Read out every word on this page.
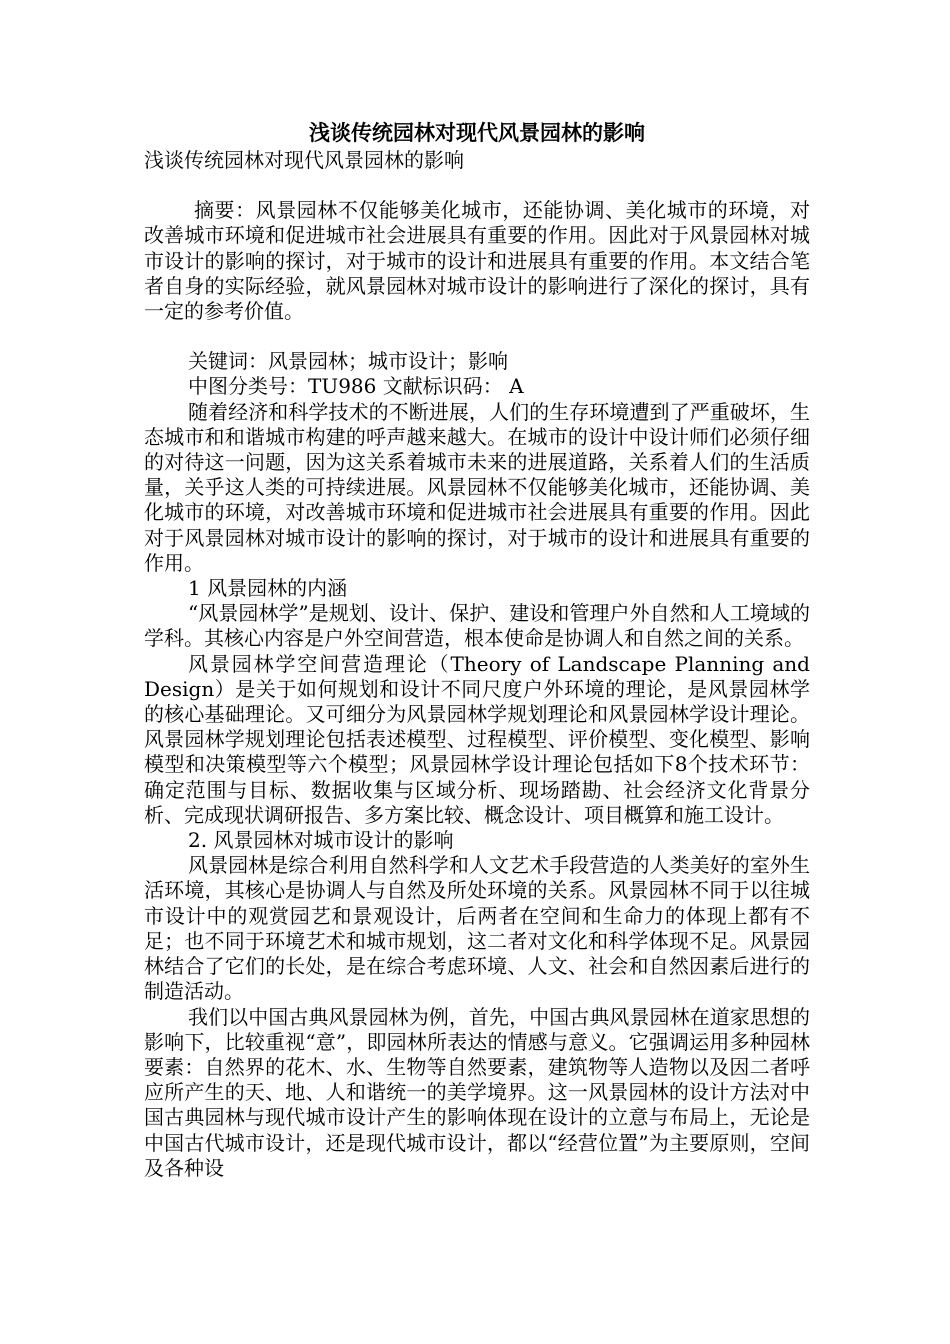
浅谈传统园林对现代风景园林的影响

浅谈传统园林对现代风景园林的影响

摘要：风景园林不仅能够美化城市，还能协调、美化城市的环境，对改善城市环境和促进城市社会进展具有重要的作用。因此对于风景园林对城市设计的影响的探讨，对于城市的设计和进展具有重要的作用。本文结合笔者自身的实际经验，就风景园林对城市设计的影响进行了深化的探讨，具有一定的参考价值。

关键词：风景园林；城市设计；影响

中图分类号：TU986 文献标识码： A

随着经济和科学技术的不断进展，人们的生存环境遭到了严重破坏，生态城市和和谐城市构建的呼声越来越大。在城市的设计中设计师们必须仔细的对待这一问题，因为这关系着城市未来的进展道路，关系着人们的生活质量，关乎这人类的可持续进展。风景园林不仅能够美化城市，还能协调、美化城市的环境，对改善城市环境和促进城市社会进展具有重要的作用。因此对于风景园林对城市设计的影响的探讨，对于城市的设计和进展具有重要的作用。

1 风景园林的内涵

“风景园林学”是规划、设计、保护、建设和管理户外自然和人工境域的学科。其核心内容是户外空间营造，根本使命是协调人和自然之间的关系。

风景园林学空间营造理论（Theory of Landscape Planning and Design）是关于如何规划和设计不同尺度户外环境的理论，是风景园林学的核心基础理论。又可细分为风景园林学规划理论和风景园林学设计理论。风景园林学规划理论包括表述模型、过程模型、评价模型、变化模型、影响模型和决策模型等六个模型；风景园林学设计理论包括如下8个技术环节：确定范围与目标、数据收集与区域分析、现场踏勘、社会经济文化背景分析、完成现状调研报告、多方案比较、概念设计、项目概算和施工设计。

2. 风景园林对城市设计的影响

风景园林是综合利用自然科学和人文艺术手段营造的人类美好的室外生活环境，其核心是协调人与自然及所处环境的关系。风景园林不同于以往城市设计中的观赏园艺和景观设计，后两者在空间和生命力的体现上都有不足；也不同于环境艺术和城市规划，这二者对文化和科学体现不足。风景园林结合了它们的长处，是在综合考虑环境、人文、社会和自然因素后进行的制造活动。

我们以中国古典风景园林为例，首先，中国古典风景园林在道家思想的影响下，比较重视“意”，即园林所表达的情感与意义。它强调运用多种园林要素：自然界的花木、水、生物等自然要素，建筑物等人造物以及因二者呼应所产生的天、地、人和谐统一的美学境界。这一风景园林的设计方法对中国古典园林与现代城市设计产生的影响体现在设计的立意与布局上，无论是中国古代城市设计，还是现代城市设计，都以“经营位置”为主要原则，空间及各种设
